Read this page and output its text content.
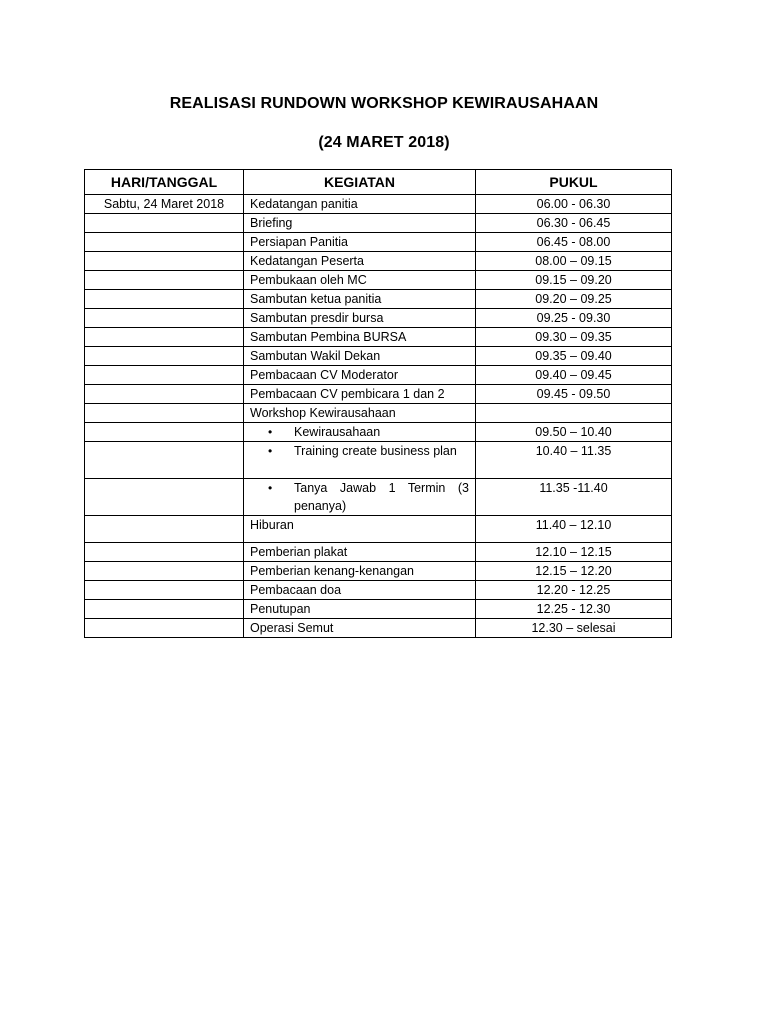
REALISASI RUNDOWN WORKSHOP KEWIRAUSAHAAN
(24 MARET 2018)
HARI/TANGGAL	KEGIATAN	PUKUL
Sabtu, 24 Maret 2018	Kedatangan panitia	06.00 - 06.30
	Briefing	06.30 - 06.45
	Persiapan Panitia	06.45 - 08.00
	Kedatangan Peserta	08.00 – 09.15
	Pembukaan oleh MC	09.15 – 09.20
	Sambutan ketua panitia	09.20 – 09.25
	Sambutan presdir bursa	09.25 - 09.30
	Sambutan Pembina BURSA	09.30 – 09.35
	Sambutan Wakil Dekan	09.35 – 09.40
	Pembacaan CV Moderator	09.40 – 09.45
	Pembacaan CV pembicara 1 dan 2	09.45 - 09.50
	Workshop Kewirausahaan	

	• Kewirausahaan	09.50 – 10.40

	• Training create business plan	10.40 – 11.35

	• Tanya Jawab 1 Termin (3 penanya)	11.35 -11.40
	Hiburan	11.40 – 12.10
	Pemberian plakat	12.10 – 12.15
	Pemberian kenang-kenangan	12.15 – 12.20
	Pembacaan doa	12.20 - 12.25
	Penutupan	12.25 - 12.30
	Operasi Semut	12.30 – selesai
